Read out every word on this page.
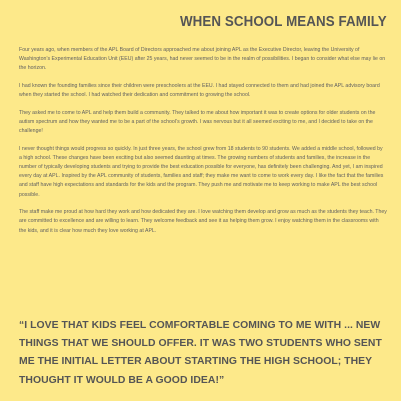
WHEN SCHOOL MEANS FAMILY

Four years ago, when members of the APL Board of Directors approached me about joining APL as the Executive Director, leaving the University of Washington’s Experimental Education Unit (EEU) after 25 years, had never seemed to be in the realm of possibilities. I began to consider what else may lie on the horizon.

I had known the founding families since their children were preschoolers at the EEU. I had stayed connected to them and had joined the APL advisory board when they started the school. I had watched their dedication and commitment to growing the school.

They asked me to come to APL and help them build a community. They talked to me about how important it was to create options for older students on the autism spectrum and how they wanted me to be a part of the school’s growth. I was nervous but it all seemed exciting to me, and I decided to take on the challenge!

I never thought things would progress so quickly. In just three years, the school grew from 18 students to 90 students. We added a middle school, followed by a high school. These changes have been exciting but also seemed daunting at times. The growing numbers of students and families, the increase in the number of typically developing students and trying to provide the best education possible for everyone, has definitely been challenging. And yet, I am inspired every day at APL. Inspired by the APL community of students, families and staff; they make me want to come to work every day. I like the fact that the families and staff have high expectations and standards for the kids and the program. They push me and motivate me to keep working to make APL the best school possible.

The staff make me proud at how hard they work and how dedicated they are. I love watching them develop and grow as much as the students they teach. They are committed to excellence and are willing to learn. They welcome feedback and see it as helping them grow. I enjoy watching them in the classrooms with the kids, and it is clear how much they love working at APL.

“I LOVE THAT KIDS FEEL COMFORTABLE COMING TO ME WITH ... NEW THINGS THAT WE SHOULD OFFER. IT WAS TWO STUDENTS WHO SENT ME THE INITIAL LETTER ABOUT STARTING THE HIGH SCHOOL; THEY THOUGHT IT WOULD BE A GOOD IDEA!”
